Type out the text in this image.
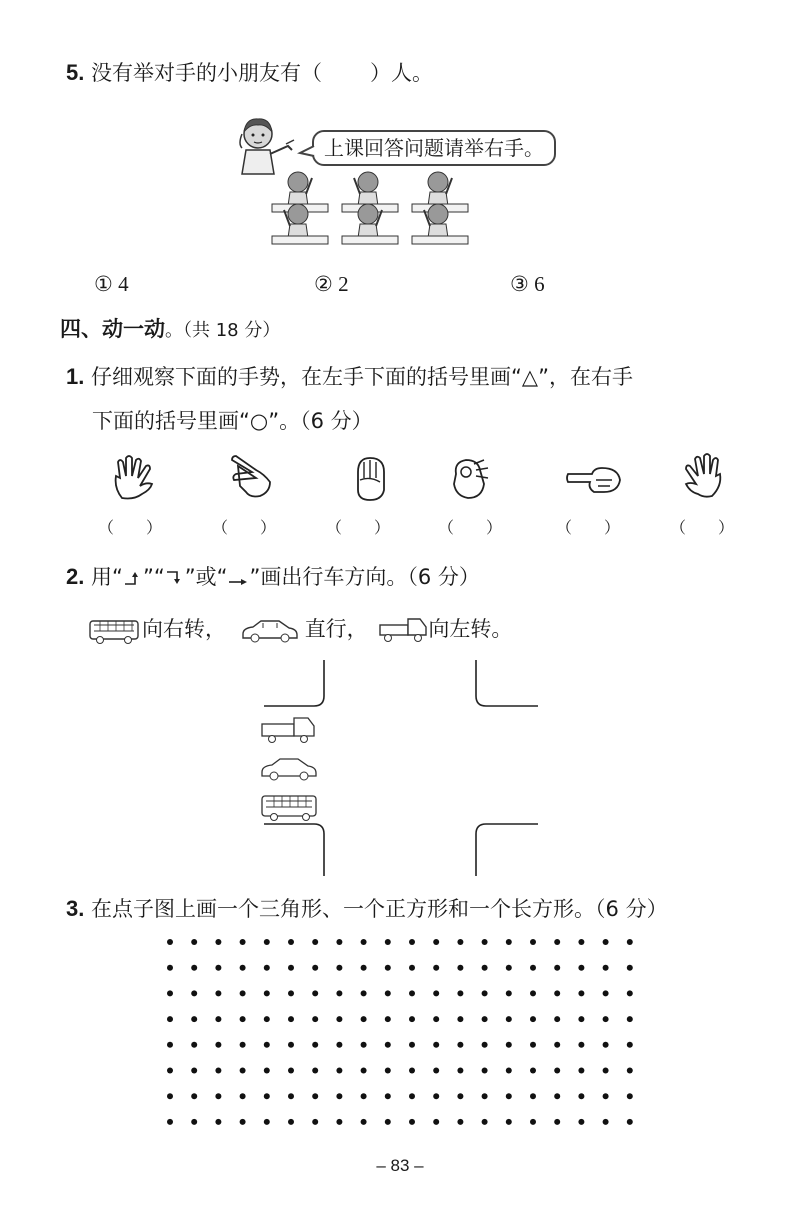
5. 没有举对手的小朋友有（　　 ）人。
上课回答问题请举右手。
① 4	② 2	③ 6
四、动一动。（共 18 分）
1. 仔细观察下面的手势，在左手下面的括号里画“△”，在右手
下面的括号里画“○”。（6 分）
（　　）	（　　）	（　　）	（　　）	（　　）	（　　）
2. 用“ ”“ ”或“ ”画出行车方向。（6 分）
向右转，	直行，	向左转。
3. 在点子图上画一个三角形、一个正方形和一个长方形。（6 分）
– 83 –
